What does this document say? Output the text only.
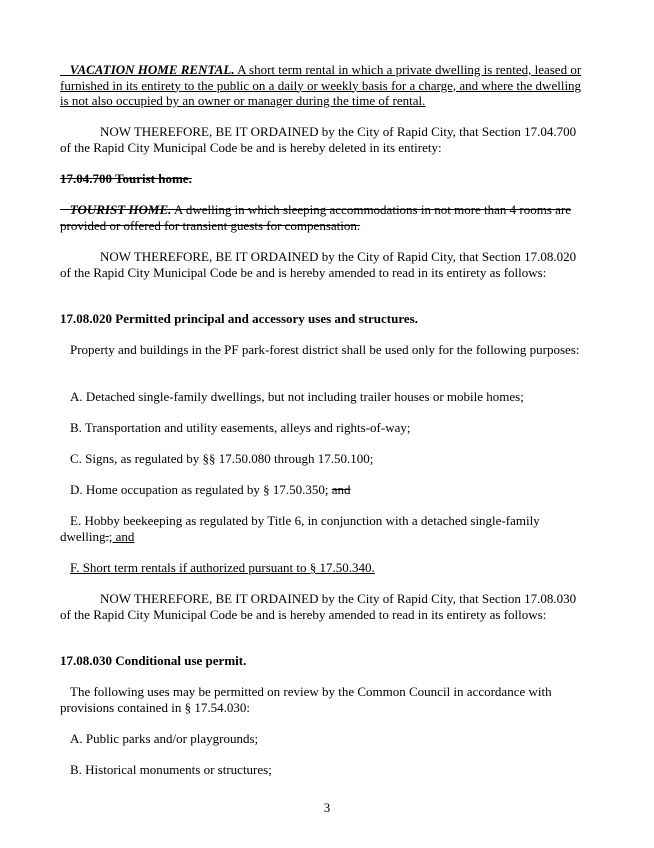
VACATION HOME RENTAL. A short term rental in which a private dwelling is rented, leased or furnished in its entirety to the public on a daily or weekly basis for a charge, and where the dwelling is not also occupied by an owner or manager during the time of rental.

NOW THEREFORE, BE IT ORDAINED by the City of Rapid City, that Section 17.04.700 of the Rapid City Municipal Code be and is hereby deleted in its entirety:

17.04.700 Tourist home.

TOURIST HOME. A dwelling in which sleeping accommodations in not more than 4 rooms are provided or offered for transient guests for compensation.

NOW THEREFORE, BE IT ORDAINED by the City of Rapid City, that Section 17.08.020 of the Rapid City Municipal Code be and is hereby amended to read in its entirety as follows:

17.08.020 Permitted principal and accessory uses and structures.

Property and buildings in the PF park-forest district shall be used only for the following purposes:

A. Detached single-family dwellings, but not including trailer houses or mobile homes;

B. Transportation and utility easements, alleys and rights-of-way;

C. Signs, as regulated by §§ 17.50.080 through 17.50.100;

D. Home occupation as regulated by § 17.50.350; and

E. Hobby beekeeping as regulated by Title 6, in conjunction with a detached single-family dwelling.; and

F. Short term rentals if authorized pursuant to § 17.50.340.

NOW THEREFORE, BE IT ORDAINED by the City of Rapid City, that Section 17.08.030 of the Rapid City Municipal Code be and is hereby amended to read in its entirety as follows:

17.08.030 Conditional use permit.

The following uses may be permitted on review by the Common Council in accordance with provisions contained in § 17.54.030:

A. Public parks and/or playgrounds;

B. Historical monuments or structures;

3
